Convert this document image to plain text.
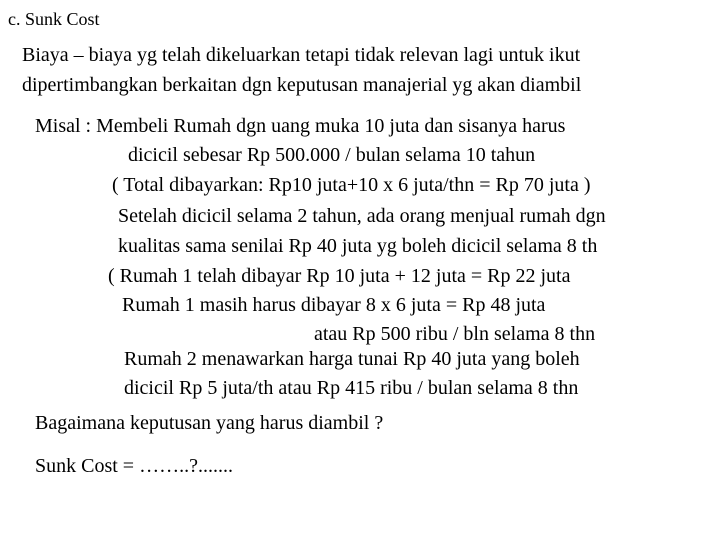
c. Sunk Cost
Biaya – biaya yg telah dikeluarkan tetapi tidak relevan lagi untuk ikut
dipertimbangkan berkaitan dgn keputusan manajerial yg akan diambil
Misal : Membeli Rumah dgn uang muka 10 juta dan sisanya harus
dicicil sebesar Rp 500.000 / bulan selama 10 tahun
( Total dibayarkan: Rp10 juta+10 x 6 juta/thn = Rp 70 juta )
Setelah dicicil selama 2 tahun, ada orang menjual rumah dgn
kualitas sama senilai Rp 40 juta yg boleh dicicil selama 8 th
( Rumah 1 telah dibayar Rp 10 juta + 12 juta = Rp 22 juta
Rumah 1 masih harus dibayar 8 x 6 juta = Rp 48 juta
atau Rp 500 ribu / bln selama 8 thn
Rumah 2 menawarkan harga tunai Rp 40 juta yang boleh
dicicil Rp 5 juta/th atau Rp 415 ribu / bulan selama 8 thn
Bagaimana keputusan yang harus diambil ?
Sunk Cost = ……..?.......
